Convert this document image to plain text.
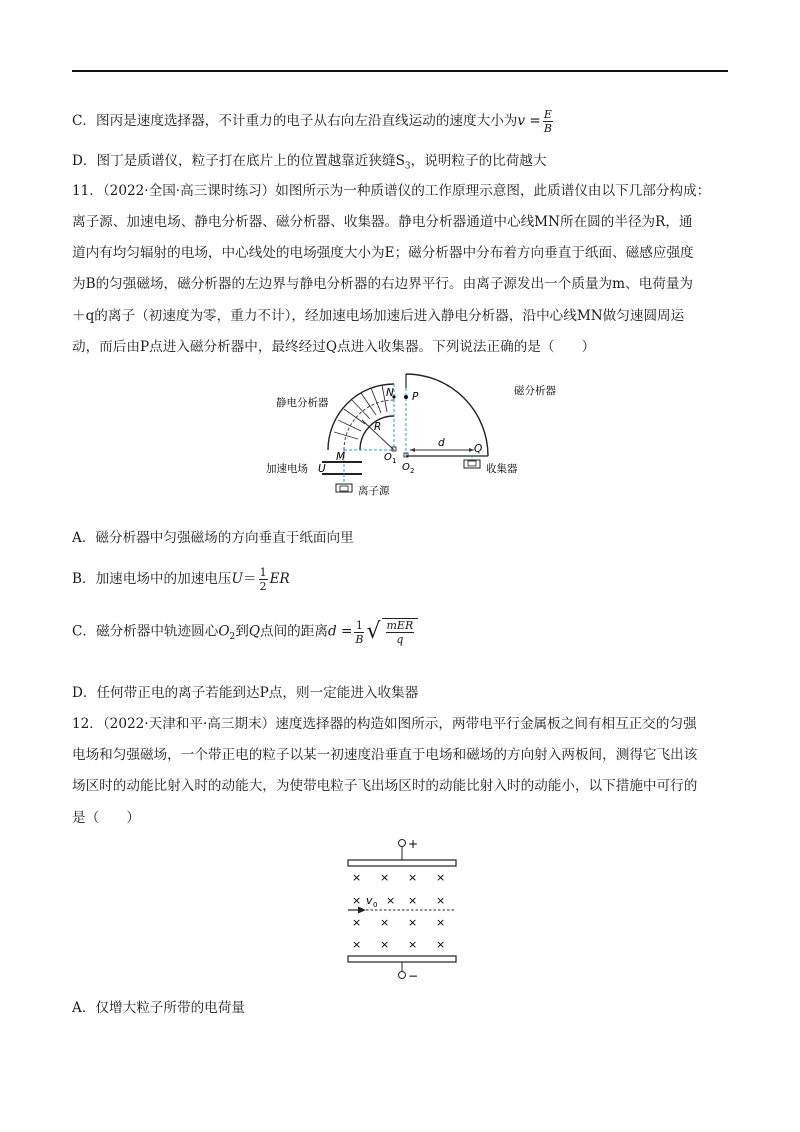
C．图丙是速度选择器，不计重力的电子从右向左沿直线运动的速度大小为$v = \frac{E}{B}$
D．图丁是质谱仪，粒子打在底片上的位置越靠近狭缝$S_3$，说明粒子的比荷越大
11．（2022·全国·高三课时练习）如图所示为一种质谱仪的工作原理示意图，此质谱仪由以下几部分构成：
离子源、加速电场、静电分析器、磁分析器、收集器。静电分析器通道中心线MN所在圆的半径为R，通
道内有均匀辐射的电场，中心线处的电场强度大小为E；磁分析器中分布着方向垂直于纸面、磁感应强度
为B的匀强磁场，磁分析器的左边界与静电分析器的右边界平行。由离子源发出一个质量为m、电荷量为
＋q的离子（初速度为零，重力不计），经加速电场加速后进入静电分析器，沿中心线MN做匀速圆周运
动，而后由P点进入磁分析器中，最终经过Q点进入收集器。下列说法正确的是（　　）
静电分析器
磁分析器
加速电场
离子源
收集器
N P
R
M
U
d	Q
O 1
O 2
A．磁分析器中匀强磁场的方向垂直于纸面向里
B．加速电场中的加速电压$U= \frac{1}{2}$ ER
C．磁分析器中轨迹圆心$O_2$到Q点间的距离$d = \frac{1}{B}$ √ $\frac{\text{mER}}{q}$
D．任何带正电的离子若能到达P点，则一定能进入收集器
12．（2022·天津和平·高三期末）速度选择器的构造如图所示，两带电平行金属板之间有相互正交的匀强
电场和匀强磁场，一个带正电的粒子以某一初速度沿垂直于电场和磁场的方向射入两板间，测得它飞出该
场区时的动能比射入时的动能大，为使带电粒子飞出场区时的动能比射入时的动能小，以下措施中可行的
是（　　）
+
−
× × × ×
× × × ×
× × × ×
× × × ×
v 0
A．仅增大粒子所带的电荷量
